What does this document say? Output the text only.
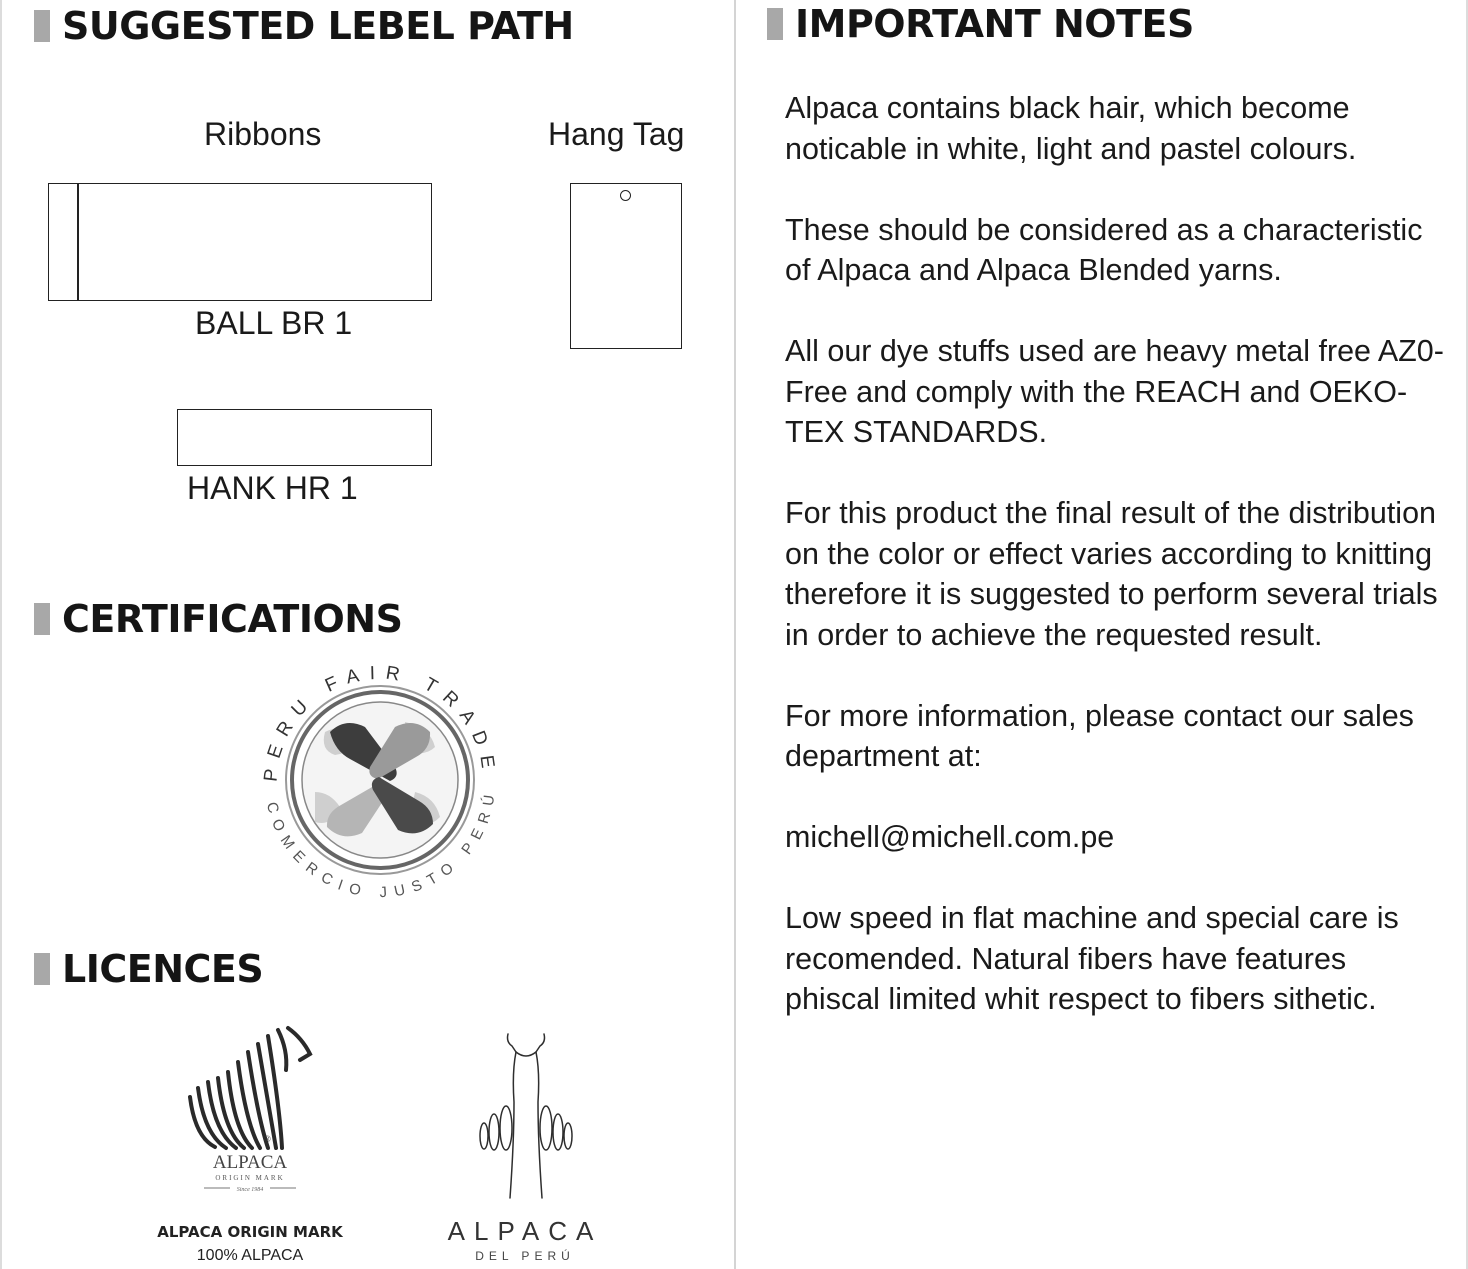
SUGGESTED LEBEL PATH
Ribbons	Hang Tag
BALL BR 1
HANK HR 1
CERTIFICATIONS
PERU FAIR TRADE
COMERCIO JUSTO PERÚ
LICENCES
®
ALPACA
ORIGIN MARK
Since 1984
ALPACA ORIGIN MARK
100% ALPACA
ALPACA
DEL PERÚ
IMPORTANT NOTES

Alpaca contains black hair, which become noticable in white, light and pastel colours.

These should be considered as a characteristic of Alpaca and Alpaca Blended yarns.

All our dye stuffs used are heavy metal free AZ0-Free and comply with the REACH and OEKO-TEX STANDARDS.

For this product the final result of the distribution on the color or effect varies according to knitting therefore it is suggested to perform several trials in order to achieve the requested result.

For more information, please contact our sales department at:

michell@michell.com.pe

Low speed in flat machine and special care is recomended. Natural fibers have features phiscal limited whit respect to fibers sithetic.
